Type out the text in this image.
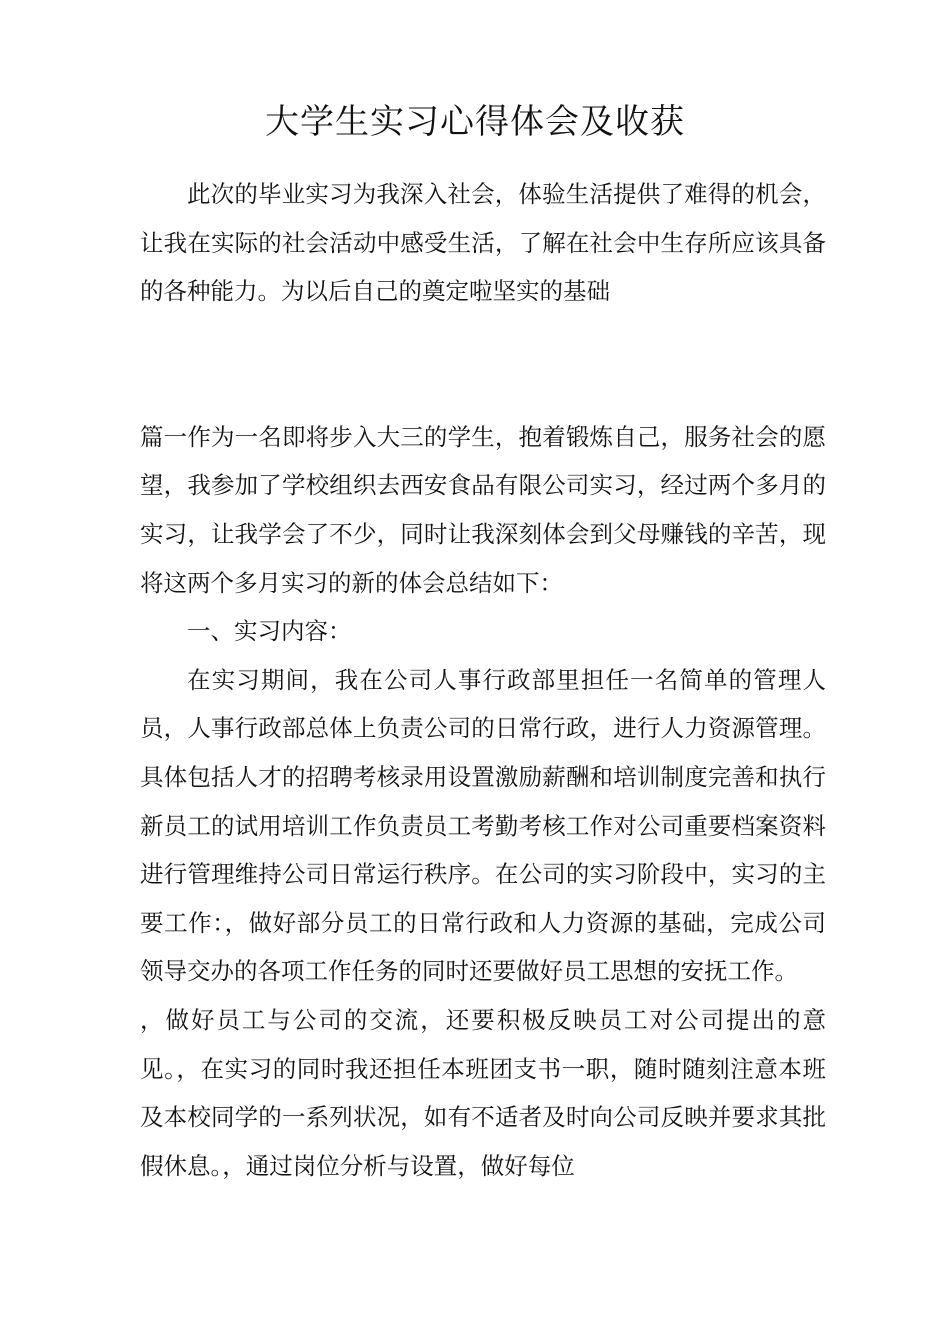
大学生实习心得体会及收获

此次的毕业实习为我深入社会，体验生活提供了难得的机会，让我在实际的社会活动中感受生活，了解在社会中生存所应该具备的各种能力。为以后自己的奠定啦坚实的基础

篇一作为一名即将步入大三的学生，抱着锻炼自己，服务社会的愿望，我参加了学校组织去西安食品有限公司实习，经过两个多月的实习，让我学会了不少，同时让我深刻体会到父母赚钱的辛苦，现将这两个多月实习的新的体会总结如下：

一、实习内容：

在实习期间，我在公司人事行政部里担任一名简单的管理人员，人事行政部总体上负责公司的日常行政，进行人力资源管理。具体包括人才的招聘考核录用设置激励薪酬和培训制度完善和执行新员工的试用培训工作负责员工考勤考核工作对公司重要档案资料进行管理维持公司日常运行秩序。在公司的实习阶段中，实习的主要工作：，做好部分员工的日常行政和人力资源的基础，完成公司领导交办的各项工作任务的同时还要做好员工思想的安抚工作。

，做好员工与公司的交流，还要积极反映员工对公司提出的意见。，在实习的同时我还担任本班团支书一职，随时随刻注意本班及本校同学的一系列状况，如有不适者及时向公司反映并要求其批假休息。，通过岗位分析与设置，做好每位
